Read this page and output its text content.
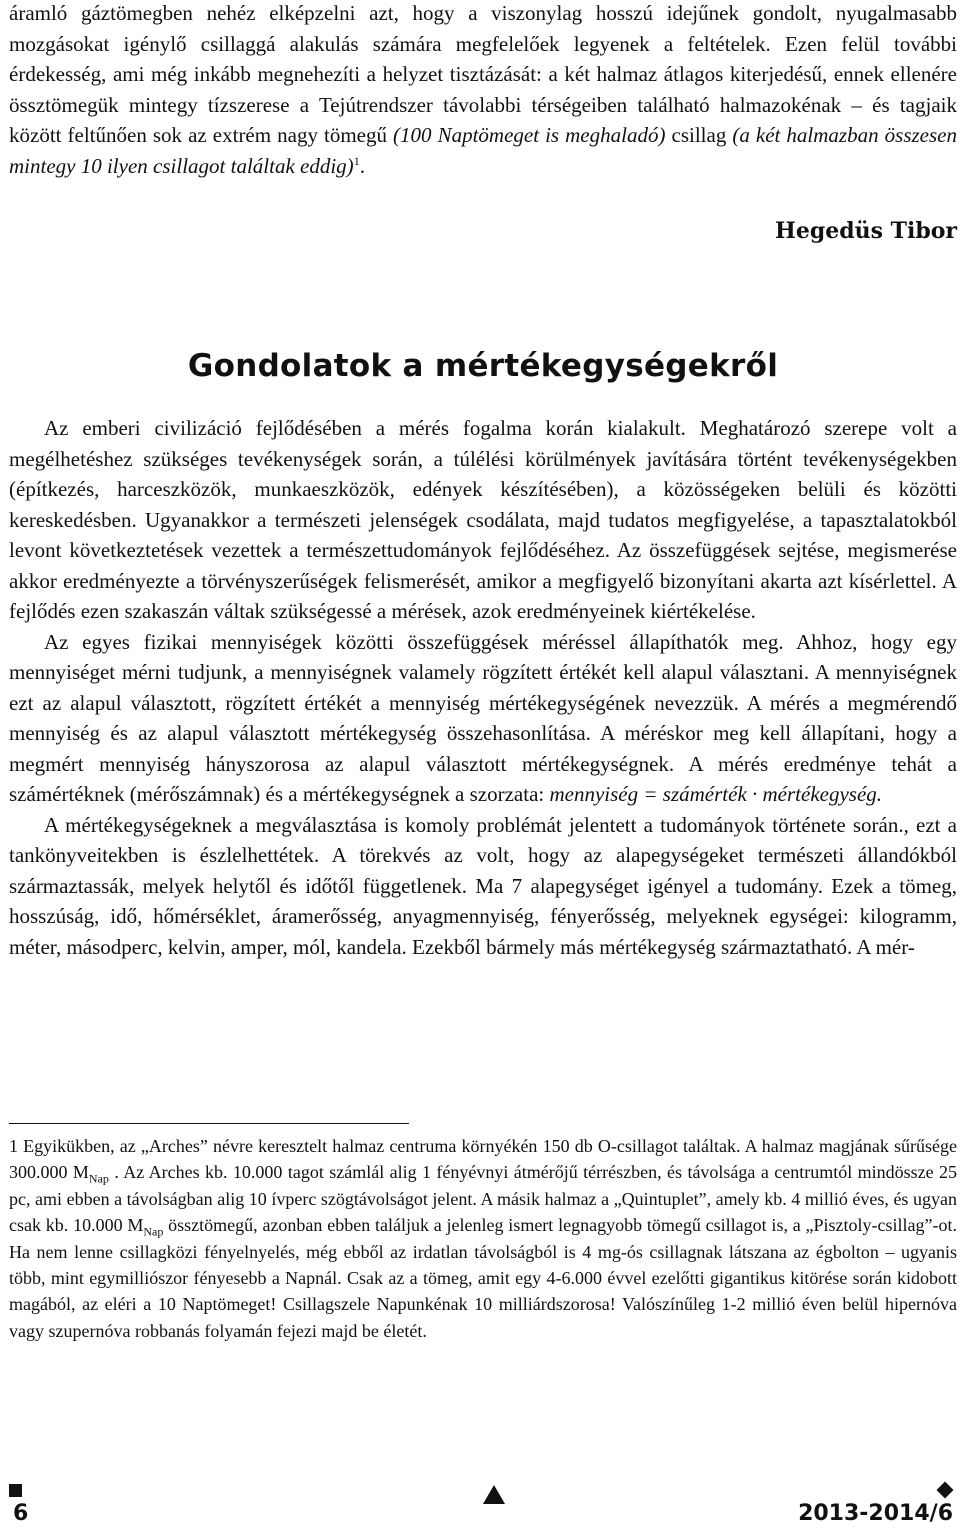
áramló gáztömegben nehéz elképzelni azt, hogy a viszonylag hosszú idejűnek gondolt, nyugalmasabb mozgásokat igénylő csillaggá alakulás számára megfelelőek legyenek a feltételek. Ezen felül további érdekesség, ami még inkább megnehezíti a helyzet tisztázását: a két halmaz átlagos kiterjedésű, ennek ellenére össztömegük mintegy tízszerese a Tejútrendszer távolabbi térségeiben található halmazokénak – és tagjaik között feltűnően sok az extrém nagy tömegű (100 Naptömeget is meghaladó) csillag (a két halmazban összesen mintegy 10 ilyen csillagot találtak eddig)$^1$.

Hegedüs Tibor
Gondolatok a mértékegységekről

Az emberi civilizáció fejlődésében a mérés fogalma korán kialakult. Meghatározó szerepe volt a megélhetéshez szükséges tevékenységek során, a túlélési körülmények javítására történt tevékenységekben (építkezés, harceszközök, munkaeszközök, edények készítésében), a közösségeken belüli és közötti kereskedésben. Ugyanakkor a természeti jelenségek csodálata, majd tudatos megfigyelése, a tapasztalatokból levont következtetések vezettek a természettudományok fejlődéséhez. Az összefüggések sejtése, megismerése akkor eredményezte a törvényszerűségek felismerését, amikor a megfigyelő bizonyítani akarta azt kísérlettel. A fejlődés ezen szakaszán váltak szükségessé a mérések, azok eredményeinek kiértékelése.

Az egyes fizikai mennyiségek közötti összefüggések méréssel állapíthatók meg. Ahhoz, hogy egy mennyiséget mérni tudjunk, a mennyiségnek valamely rögzített értékét kell alapul választani. A mennyiségnek ezt az alapul választott, rögzített értékét a mennyiség mértékegységének nevezzük. A mérés a megmérendő mennyiség és az alapul választott mértékegység összehasonlítása. A méréskor meg kell állapítani, hogy a megmért mennyiség hányszorosa az alapul választott mértékegységnek. A mérés eredménye tehát a számértéknek (mérőszámnak) és a mértékegységnek a szorzata: mennyiség = számérték · mértékegység.

A mértékegységeknek a megválasztása is komoly problémát jelentett a tudományok története során., ezt a tankönyveitekben is észlelhettétek. A törekvés az volt, hogy az alapegységeket természeti állandókból származtassák, melyek helytől és időtől függetlenek. Ma 7 alapegységet igényel a tudomány. Ezek a tömeg, hosszúság, idő, hőmérséklet, áramerősség, anyagmennyiség, fényerősség, melyeknek egységei: kilogramm, méter, másodperc, kelvin, amper, mól, kandela. Ezekből bármely más mértékegység származtatható. A mér-

1 Egyikükben, az „Arches” névre keresztelt halmaz centruma környékén 150 db O-csillagot találtak. A halmaz magjának sűrűsége 300.000 $M_{Nap}$ . Az Arches kb. 10.000 tagot számlál alig 1 fényévnyi átmérőjű térrészben, és távolsága a centrumtól mindössze 25 pc, ami ebben a távolságban alig 10 ívperc szögtávolságot jelent. A másik halmaz a „Quintuplet”, amely kb. 4 millió éves, és ugyan csak kb. 10.000 $M_{Nap}$ össztömegű, azonban ebben találjuk a jelenleg ismert legnagyobb tömegű csillagot is, a „Pisztoly-csillag”-ot. Ha nem lenne csillagközi fényelnyelés, még ebből az irdatlan távolságból is 4 mg-ós csillagnak látszana az égbolton – ugyanis több, mint egymilliószor fényesebb a Napnál. Csak az a tömeg, amit egy 4-6.000 évvel ezelőtti gigantikus kitörése során kidobott magából, az eléri a 10 Naptömeget! Csillagszele Napunkénak 10 milliárdszorosa! Valószínűleg 1-2 millió éven belül hipernóva vagy szupernóva robbanás folyamán fejezi majd be életét.

6	2013-2014/6
